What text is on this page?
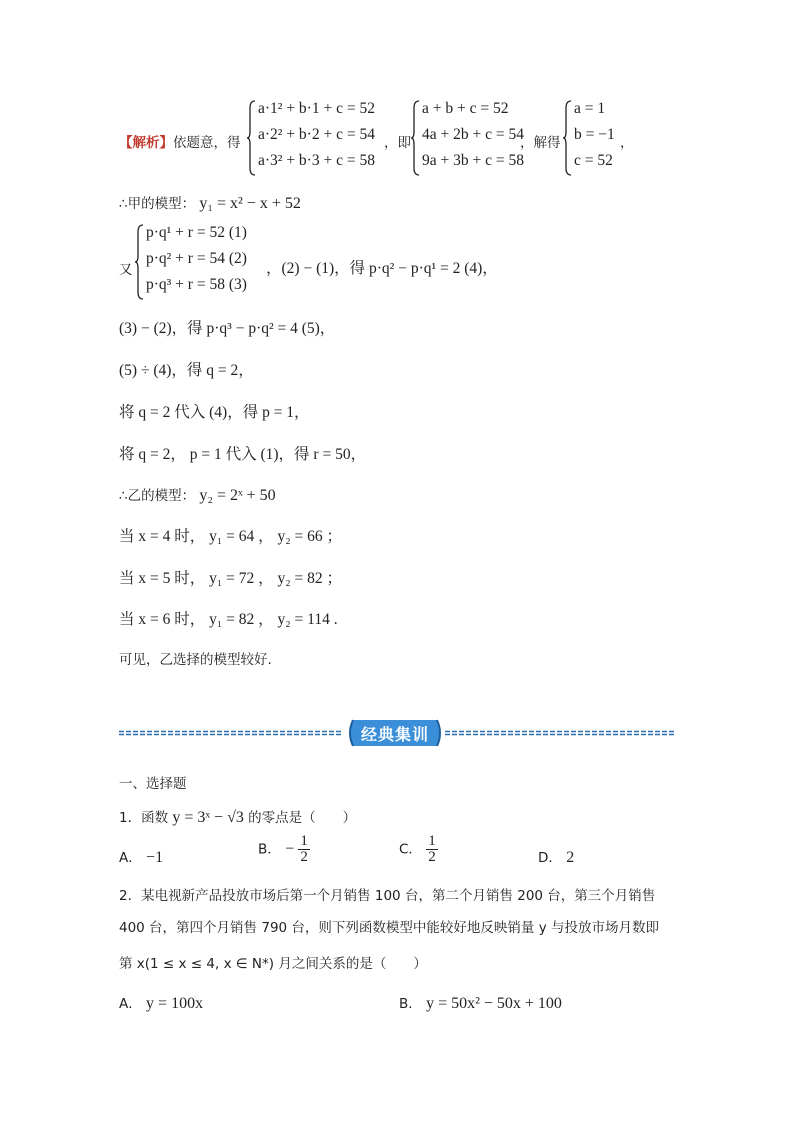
【解析】依题意，得
a·1² + b·1 + c = 52
a·2² + b·2 + c = 54
a·3² + b·3 + c = 58
，即
a + b + c = 52
4a + 2b + c = 54
9a + 3b + c = 58
，解得
a = 1
b = −1
c = 52
，
∴甲的模型： y₁ = x² − x + 52
又
p·q¹ + r = 52 (1)
p·q² + r = 54 (2)
p·q³ + r = 58 (3)
，(2) − (1)，得 p·q² − p·q¹ = 2 (4)，
(3) − (2)，得 p·q³ − p·q² = 4 (5)，
(5) ÷ (4)，得 q = 2，
将 q = 2 代入 (4)，得 p = 1，
将 q = 2， p = 1 代入 (1)，得 r = 50，
∴乙的模型： y₂ = 2ˣ + 50
当 x = 4 时， y₁ = 64 ， y₂ = 66 ；
当 x = 5 时， y₁ = 72 ， y₂ = 82 ；
当 x = 6 时， y₁ = 82 ， y₂ = 114 .
可见，乙选择的模型较好.
经典集训
一、选择题
1．函数 y = 3ˣ − √3 的零点是（　　）
A． −1	B． − $\frac{1}{2}$	C． $\frac{1}{2}$	D． 2
2．某电视新产品投放市场后第一个月销售 100 台，第二个月销售 200 台，第三个月销售
400 台，第四个月销售 790 台，则下列函数模型中能较好地反映销量 y 与投放市场月数即
第 x(1 ≤ x ≤ 4, x ∈ N*) 月之间关系的是（　　）
A． y = 100x	B． y = 50x² − 50x + 100
